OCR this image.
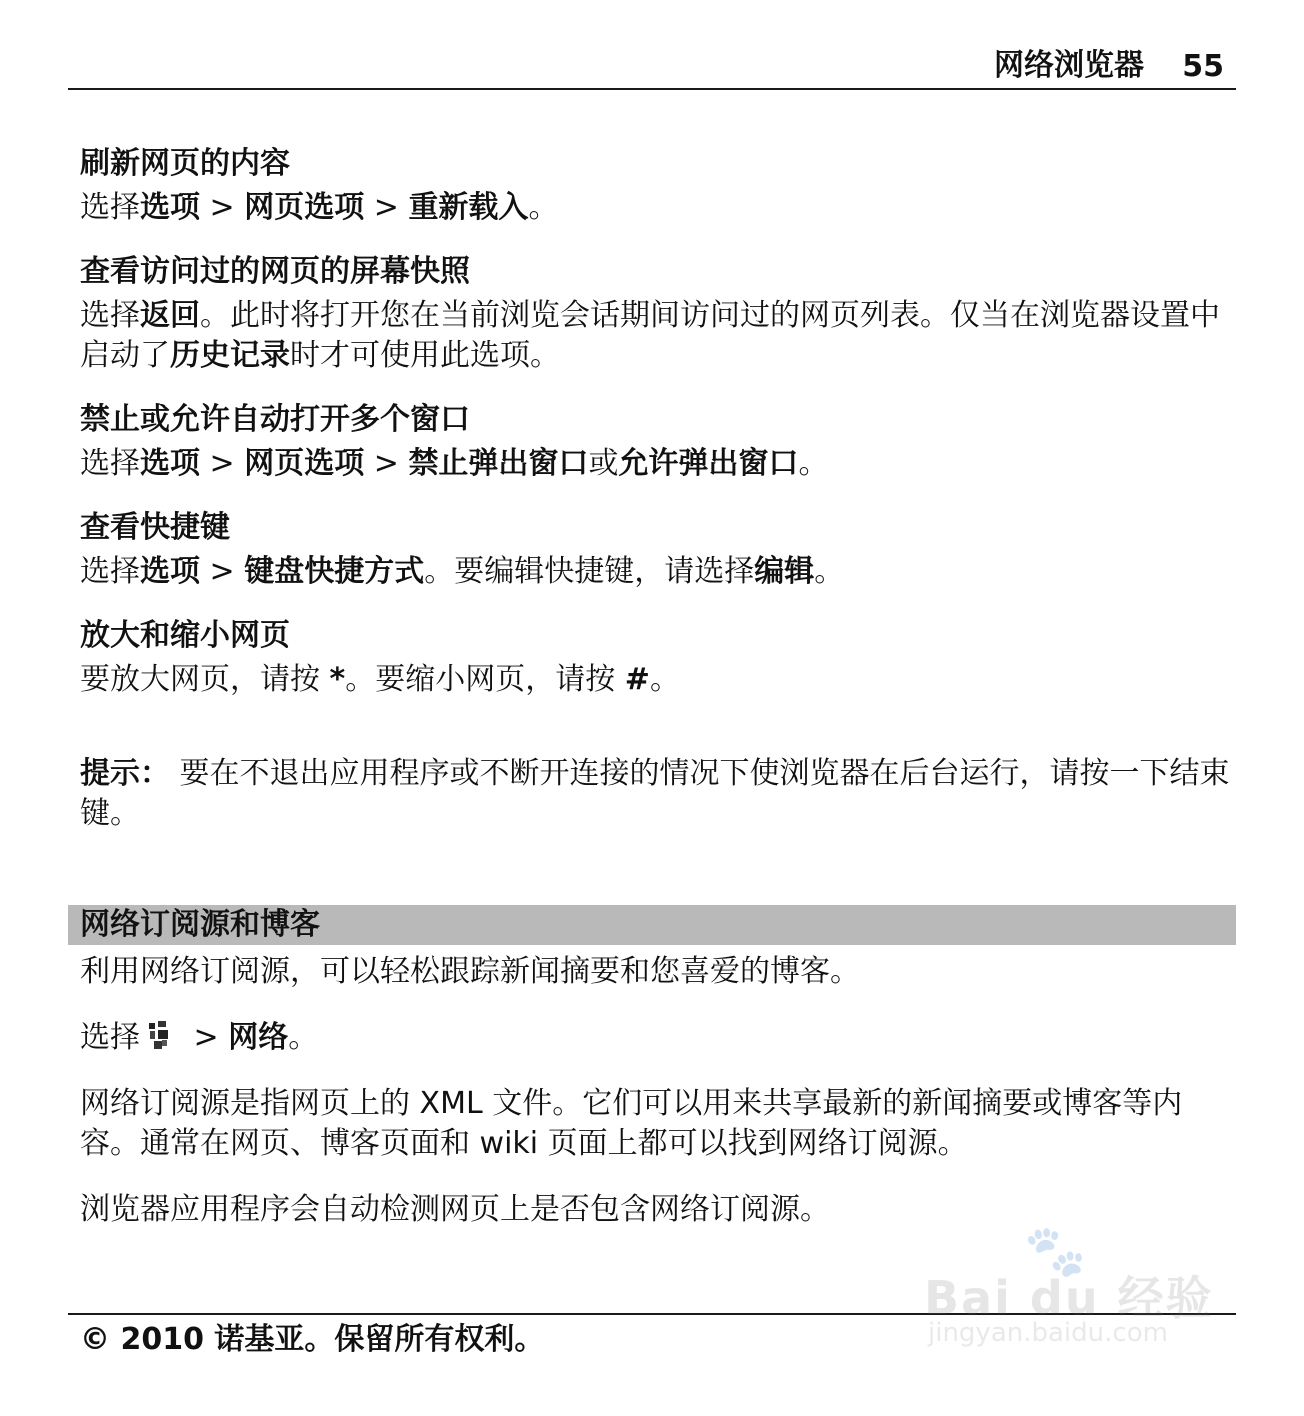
网络浏览器 55
刷新网页的内容

选择选项 > 网页选项 > 重新载入。

查看访问过的网页的屏幕快照

选择返回。此时将打开您在当前浏览会话期间访问过的网页列表。仅当在浏览器设置中启动了历史记录时才可使用此选项。

禁止或允许自动打开多个窗口

选择选项 > 网页选项 > 禁止弹出窗口或允许弹出窗口。

查看快捷键

选择选项 > 键盘快捷方式。要编辑快捷键，请选择编辑。

放大和缩小网页

要放大网页，请按 *。要缩小网页，请按 #。

提示： 要在不退出应用程序或不断开连接的情况下使浏览器在后台运行，请按一下结束键。

网络订阅源和博客

利用网络订阅源，可以轻松跟踪新闻摘要和您喜爱的博客。

选择 > 网络。

网络订阅源是指网页上的 XML 文件。它们可以用来共享最新的新闻摘要或博客等内容。通常在网页、博客页面和 wiki 页面上都可以找到网络订阅源。

浏览器应用程序会自动检测网页上是否包含网络订阅源。

© 2010 诺基亚。保留所有权利。
🐾
Bai du 经验
jingyan.baidu.com
